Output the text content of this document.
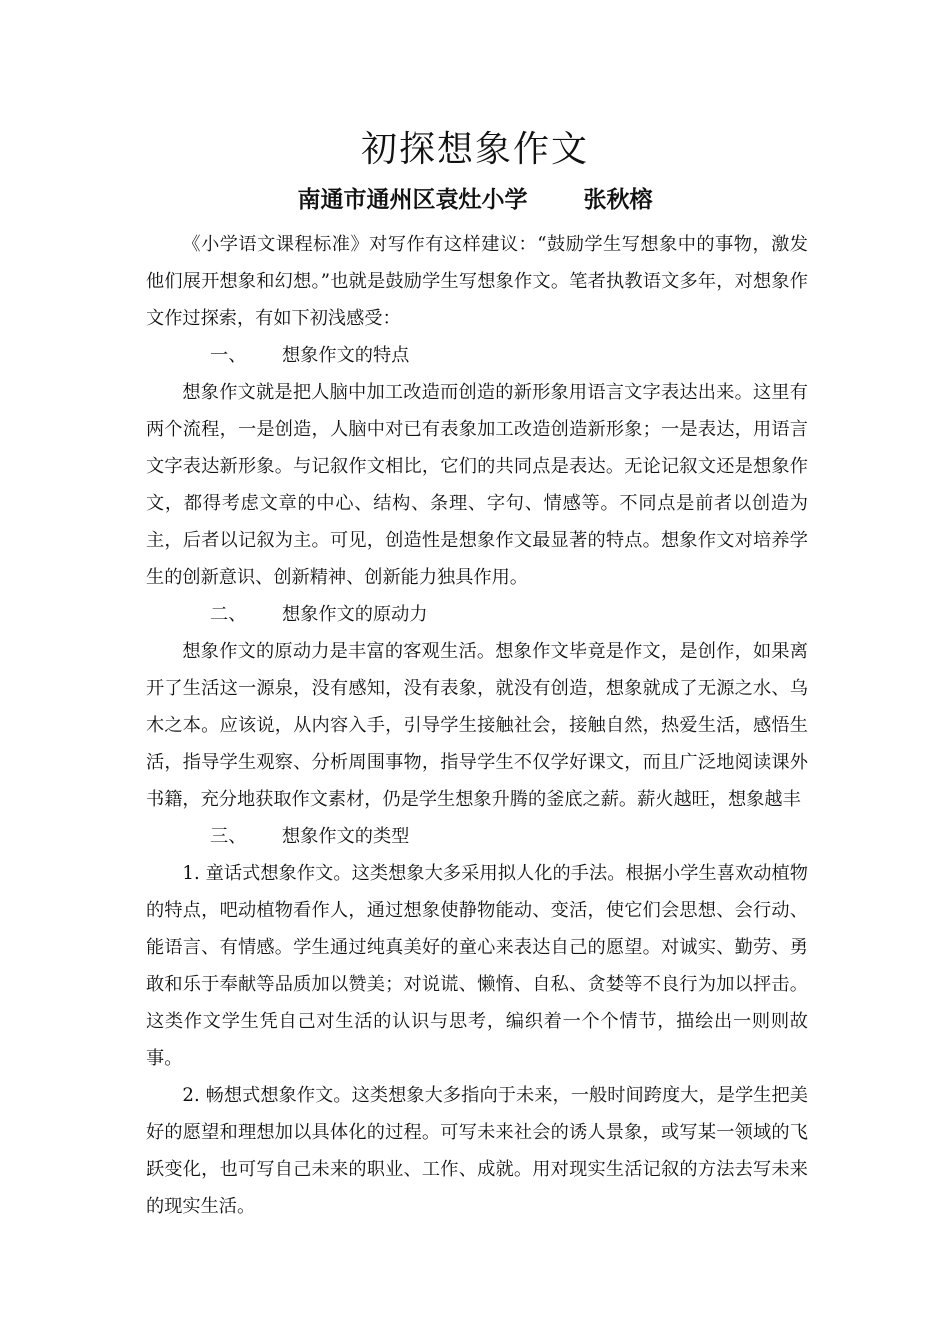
初探想象作文
南通市通州区袁灶小学 张秋榕

《小学语文课程标准》对写作有这样建议：“鼓励学生写想象中的事物，激发他们展开想象和幻想。”也就是鼓励学生写想象作文。笔者执教语文多年，对想象作文作过探索，有如下初浅感受：

一、 想象作文的特点

想象作文就是把人脑中加工改造而创造的新形象用语言文字表达出来。这里有两个流程，一是创造，人脑中对已有表象加工改造创造新形象；一是表达，用语言文字表达新形象。与记叙作文相比，它们的共同点是表达。无论记叙文还是想象作文，都得考虑文章的中心、结构、条理、字句、情感等。不同点是前者以创造为主，后者以记叙为主。可见，创造性是想象作文最显著的特点。想象作文对培养学生的创新意识、创新精神、创新能力独具作用。

二、 想象作文的原动力

想象作文的原动力是丰富的客观生活。想象作文毕竟是作文，是创作，如果离开了生活这一源泉，没有感知，没有表象，就没有创造，想象就成了无源之水、乌木之本。应该说，从内容入手，引导学生接触社会，接触自然，热爱生活，感悟生活，指导学生观察、分析周围事物，指导学生不仅学好课文，而且广泛地阅读课外书籍，充分地获取作文素材，仍是学生想象升腾的釜底之薪。薪火越旺，想象越丰

三、 想象作文的类型

1. 童话式想象作文。这类想象大多采用拟人化的手法。根据小学生喜欢动植物的特点，吧动植物看作人，通过想象使静物能动、变活，使它们会思想、会行动、能语言、有情感。学生通过纯真美好的童心来表达自己的愿望。对诚实、勤劳、勇敢和乐于奉献等品质加以赞美；对说谎、懒惰、自私、贪婪等不良行为加以抨击。这类作文学生凭自己对生活的认识与思考，编织着一个个情节，描绘出一则则故事。

2. 畅想式想象作文。这类想象大多指向于未来，一般时间跨度大，是学生把美好的愿望和理想加以具体化的过程。可写未来社会的诱人景象，或写某一领域的飞跃变化，也可写自己未来的职业、工作、成就。用对现实生活记叙的方法去写未来的现实生活。
